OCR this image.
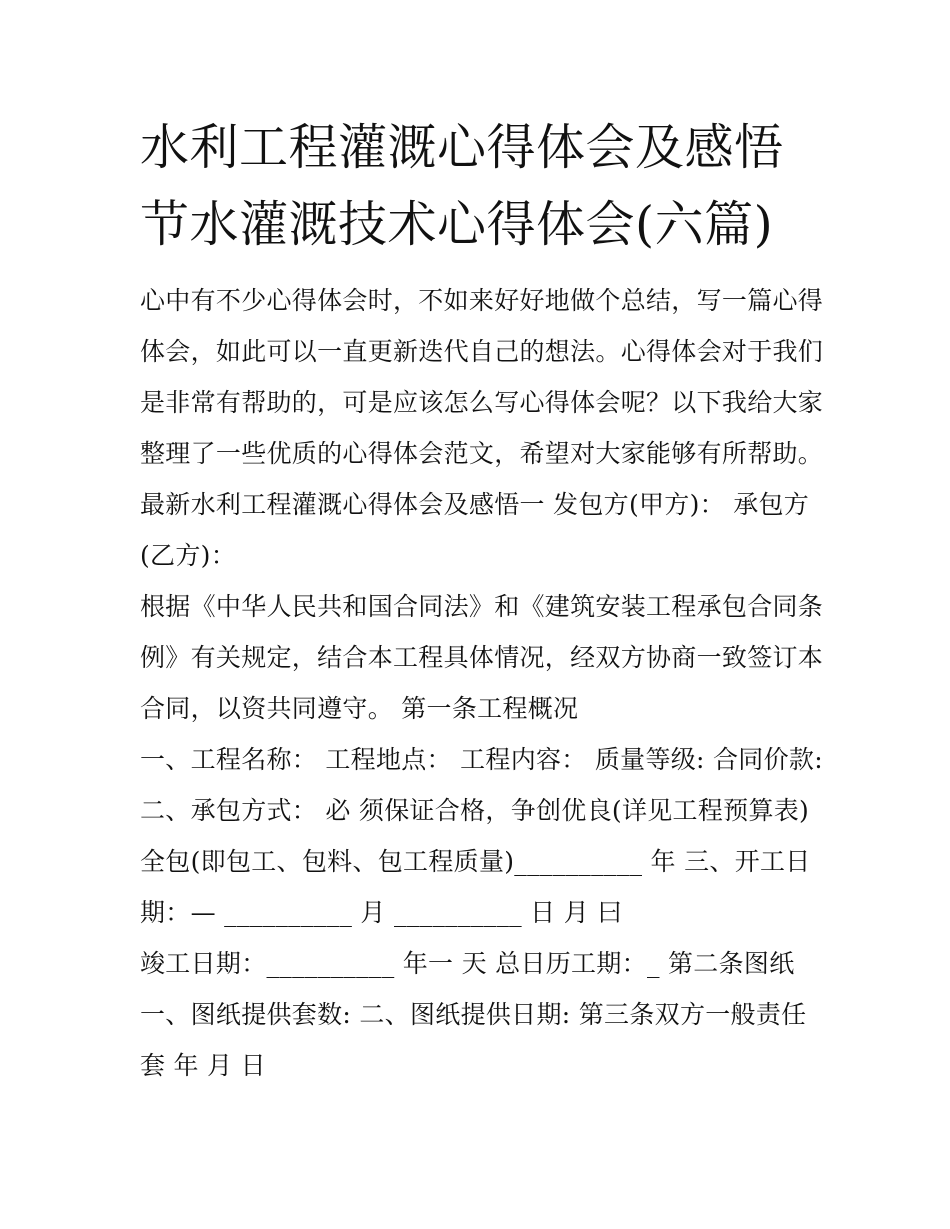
水利工程灌溉心得体会及感悟
节水灌溉技术心得体会(六篇)
心中有不少心得体会时，不如来好好地做个总结，写一篇心得
体会，如此可以一直更新迭代自己的想法。心得体会对于我们
是非常有帮助的，可是应该怎么写心得体会呢？以下我给大家
整理了一些优质的心得体会范文，希望对大家能够有所帮助。
最新水利工程灌溉心得体会及感悟一 发包方(甲方)： 承包方
(乙方)：
根据《中华人民共和国合同法》和《建筑安装工程承包合同条
例》有关规定，结合本工程具体情况，经双方协商一致签订本
合同，以资共同遵守。 第一条工程概况
一、工程名称： 工程地点： 工程内容： 质量等级: 合同价款:
二、承包方式： 必 须保证合格，争创优良(详见工程预算表)
全包(即包工、包料、包工程质量)__________ 年 三、开工日
期：— __________ 月 __________ 日 月 曰
竣工日期：__________ 年一 天 总日历工期：_ 第二条图纸
一、图纸提供套数: 二、图纸提供日期: 第三条双方一般责任
套 年 月 日
